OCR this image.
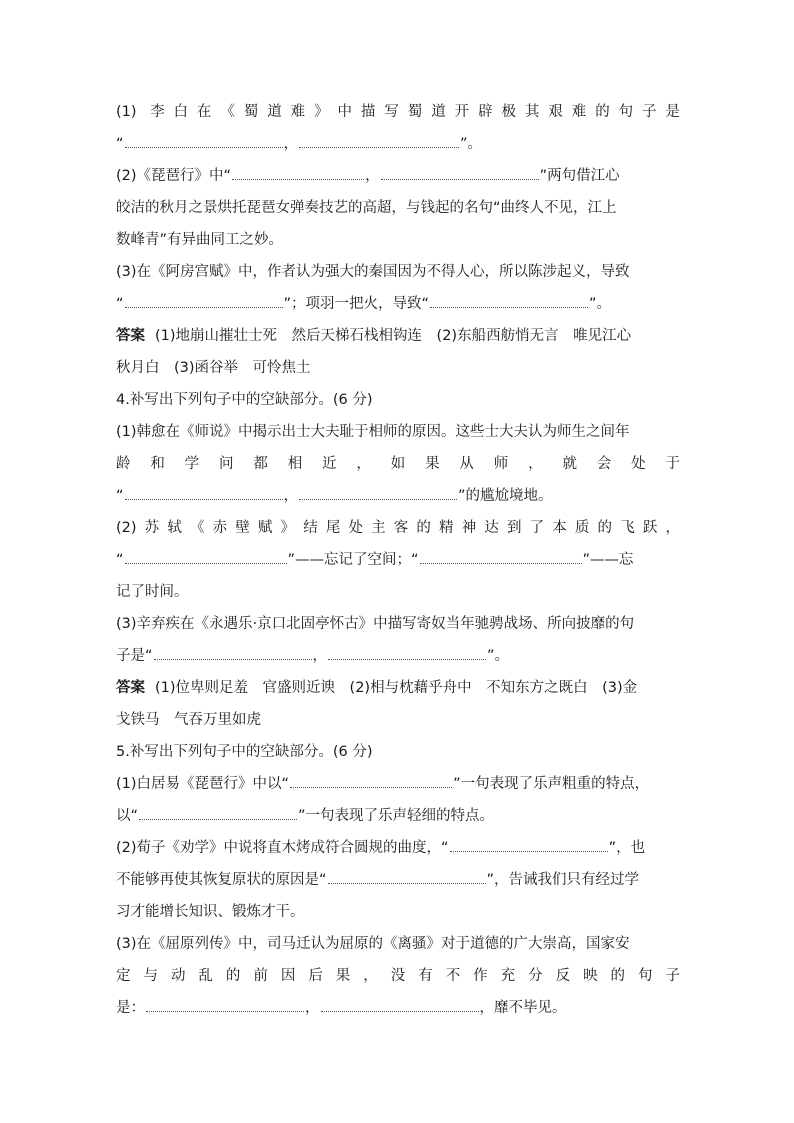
(1) 李白在《蜀道难》中描写蜀道开辟极其艰难的句子是

“	，	”。

(2)《琵琶行》中“	，	”两句借江心

皎洁的秋月之景烘托琵琶女弹奏技艺的高超，与钱起的名句“曲终人不见，江上

数峰青”有异曲同工之妙。

(3)在《阿房宫赋》中，作者认为强大的秦国因为不得人心，所以陈涉起义，导致

“	”；项羽一把火，导致“	”。

答案 (1)地崩山摧壮士死　然后天梯石栈相钩连　(2)东船西舫悄无言　唯见江心

秋月白　(3)函谷举　可怜焦土

4.补写出下列句子中的空缺部分。(6 分)

(1)韩愈在《师说》中揭示出士大夫耻于相师的原因。这些士大夫认为师生之间年

龄和学问都相近，如果从师，就会处于

“	，	”的尴尬境地。

(2)苏轼《赤壁赋》结尾处主客的精神达到了本质的飞跃，

“	”——忘记了空间；“	”——忘

记了时间。

(3)辛弃疾在《永遇乐·京口北固亭怀古》中描写寄奴当年驰骋战场、所向披靡的句

子是“	，	”。

答案 (1)位卑则足羞　官盛则近谀　(2)相与枕藉乎舟中　不知东方之既白　(3)金

戈铁马　气吞万里如虎

5.补写出下列句子中的空缺部分。(6 分)

(1)白居易《琵琶行》中以“	”一句表现了乐声粗重的特点，

以“	”一句表现了乐声轻细的特点。

(2)荀子《劝学》中说将直木烤成符合圆规的曲度，“	”，也

不能够再使其恢复原状的原因是“	”，告诫我们只有经过学

习才能增长知识、锻炼才干。

(3)在《屈原列传》中，司马迁认为屈原的《离骚》对于道德的广大崇高，国家安

定与动乱的前因后果，没有不作充分反映的句子

是：	，	，靡不毕见。
